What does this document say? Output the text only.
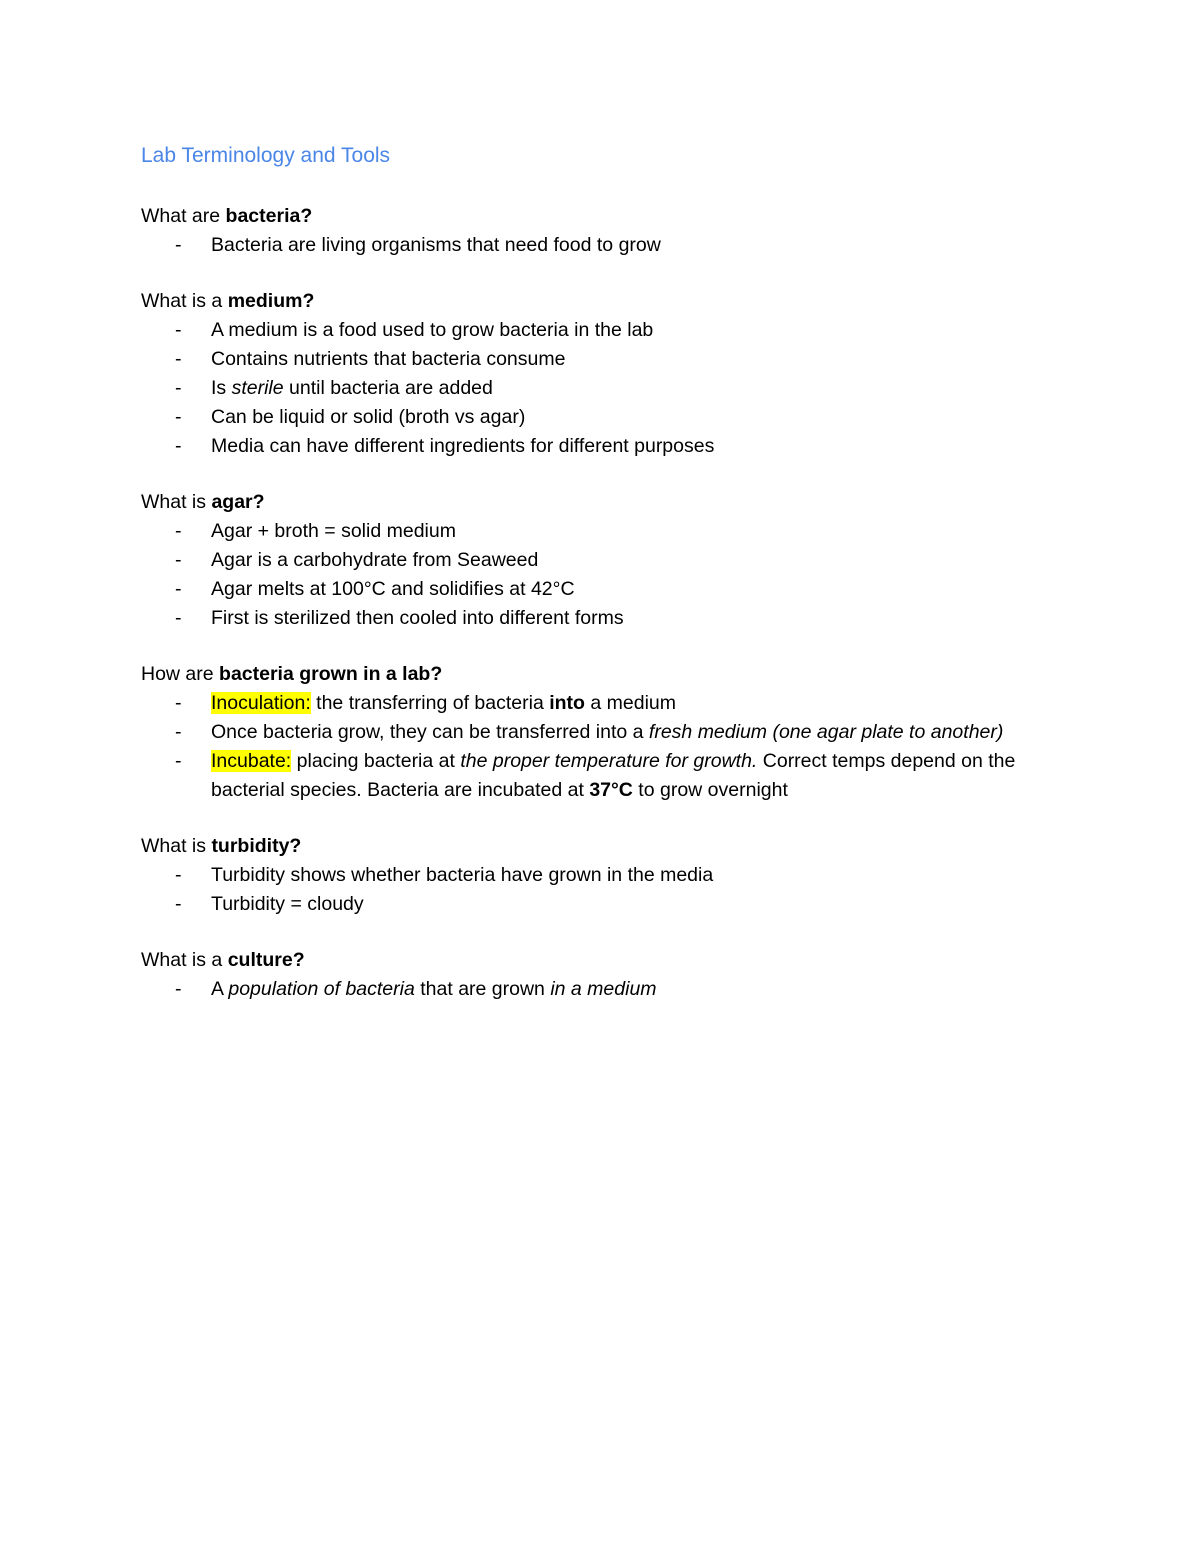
Lab Terminology and Tools

What are bacteria?

- Bacteria are living organisms that need food to grow

What is a medium?

- A medium is a food used to grow bacteria in the lab
- Contains nutrients that bacteria consume
- Is sterile until bacteria are added
- Can be liquid or solid (broth vs agar)
- Media can have different ingredients for different purposes

What is agar?

- Agar + broth = solid medium
- Agar is a carbohydrate from Seaweed
- Agar melts at 100°C and solidifies at 42°C
- First is sterilized then cooled into different forms

How are bacteria grown in a lab?

- Inoculation: the transferring of bacteria into a medium
- Once bacteria grow, they can be transferred into a fresh medium (one agar plate to another)
- Incubate: placing bacteria at the proper temperature for growth. Correct temps depend on the bacterial species. Bacteria are incubated at 37°C to grow overnight

What is turbidity?

- Turbidity shows whether bacteria have grown in the media
- Turbidity = cloudy

What is a culture?

- A population of bacteria that are grown in a medium
